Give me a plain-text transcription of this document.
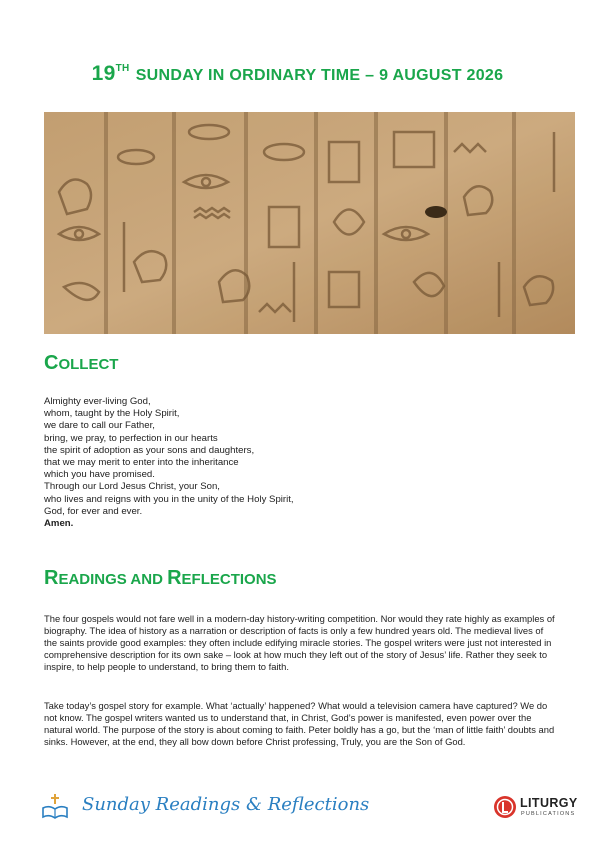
19TH SUNDAY IN ORDINARY TIME – 9 AUGUST 2026
COLLECT
Almighty ever-living God,
whom, taught by the Holy Spirit,
we dare to call our Father,
bring, we pray, to perfection in our hearts
the spirit of adoption as your sons and daughters,
that we may merit to enter into the inheritance
which you have promised.
Through our Lord Jesus Christ, your Son,
who lives and reigns with you in the unity of the Holy Spirit,
God, for ever and ever.
Amen.
READINGS AND REFLECTIONS

The four gospels would not fare well in a modern-day history-writing competition. Nor would they rate highly as examples of biography. The idea of history as a narration or description of facts is only a few hundred years old. The medieval lives of the saints provide good examples: they often include edifying miracle stories. The gospel writers were just not interested in comprehensive description for its own sake – look at how much they left out of the story of Jesus’ life. Rather they seek to inspire, to help people to understand, to bring them to faith.

Take today’s gospel story for example. What ‘actually’ happened? What would a television camera have captured? We do not know. The gospel writers wanted us to understand that, in Christ, God’s power is manifested, even power over the natural world. The purpose of the story is about coming to faith. Peter boldly has a go, but the ‘man of little faith’ doubts and sinks. However, at the end, they all bow down before Christ professing, Truly, you are the Son of God.

Sunday Readings & Reflections	LITURGY
PUBLICATIONS
